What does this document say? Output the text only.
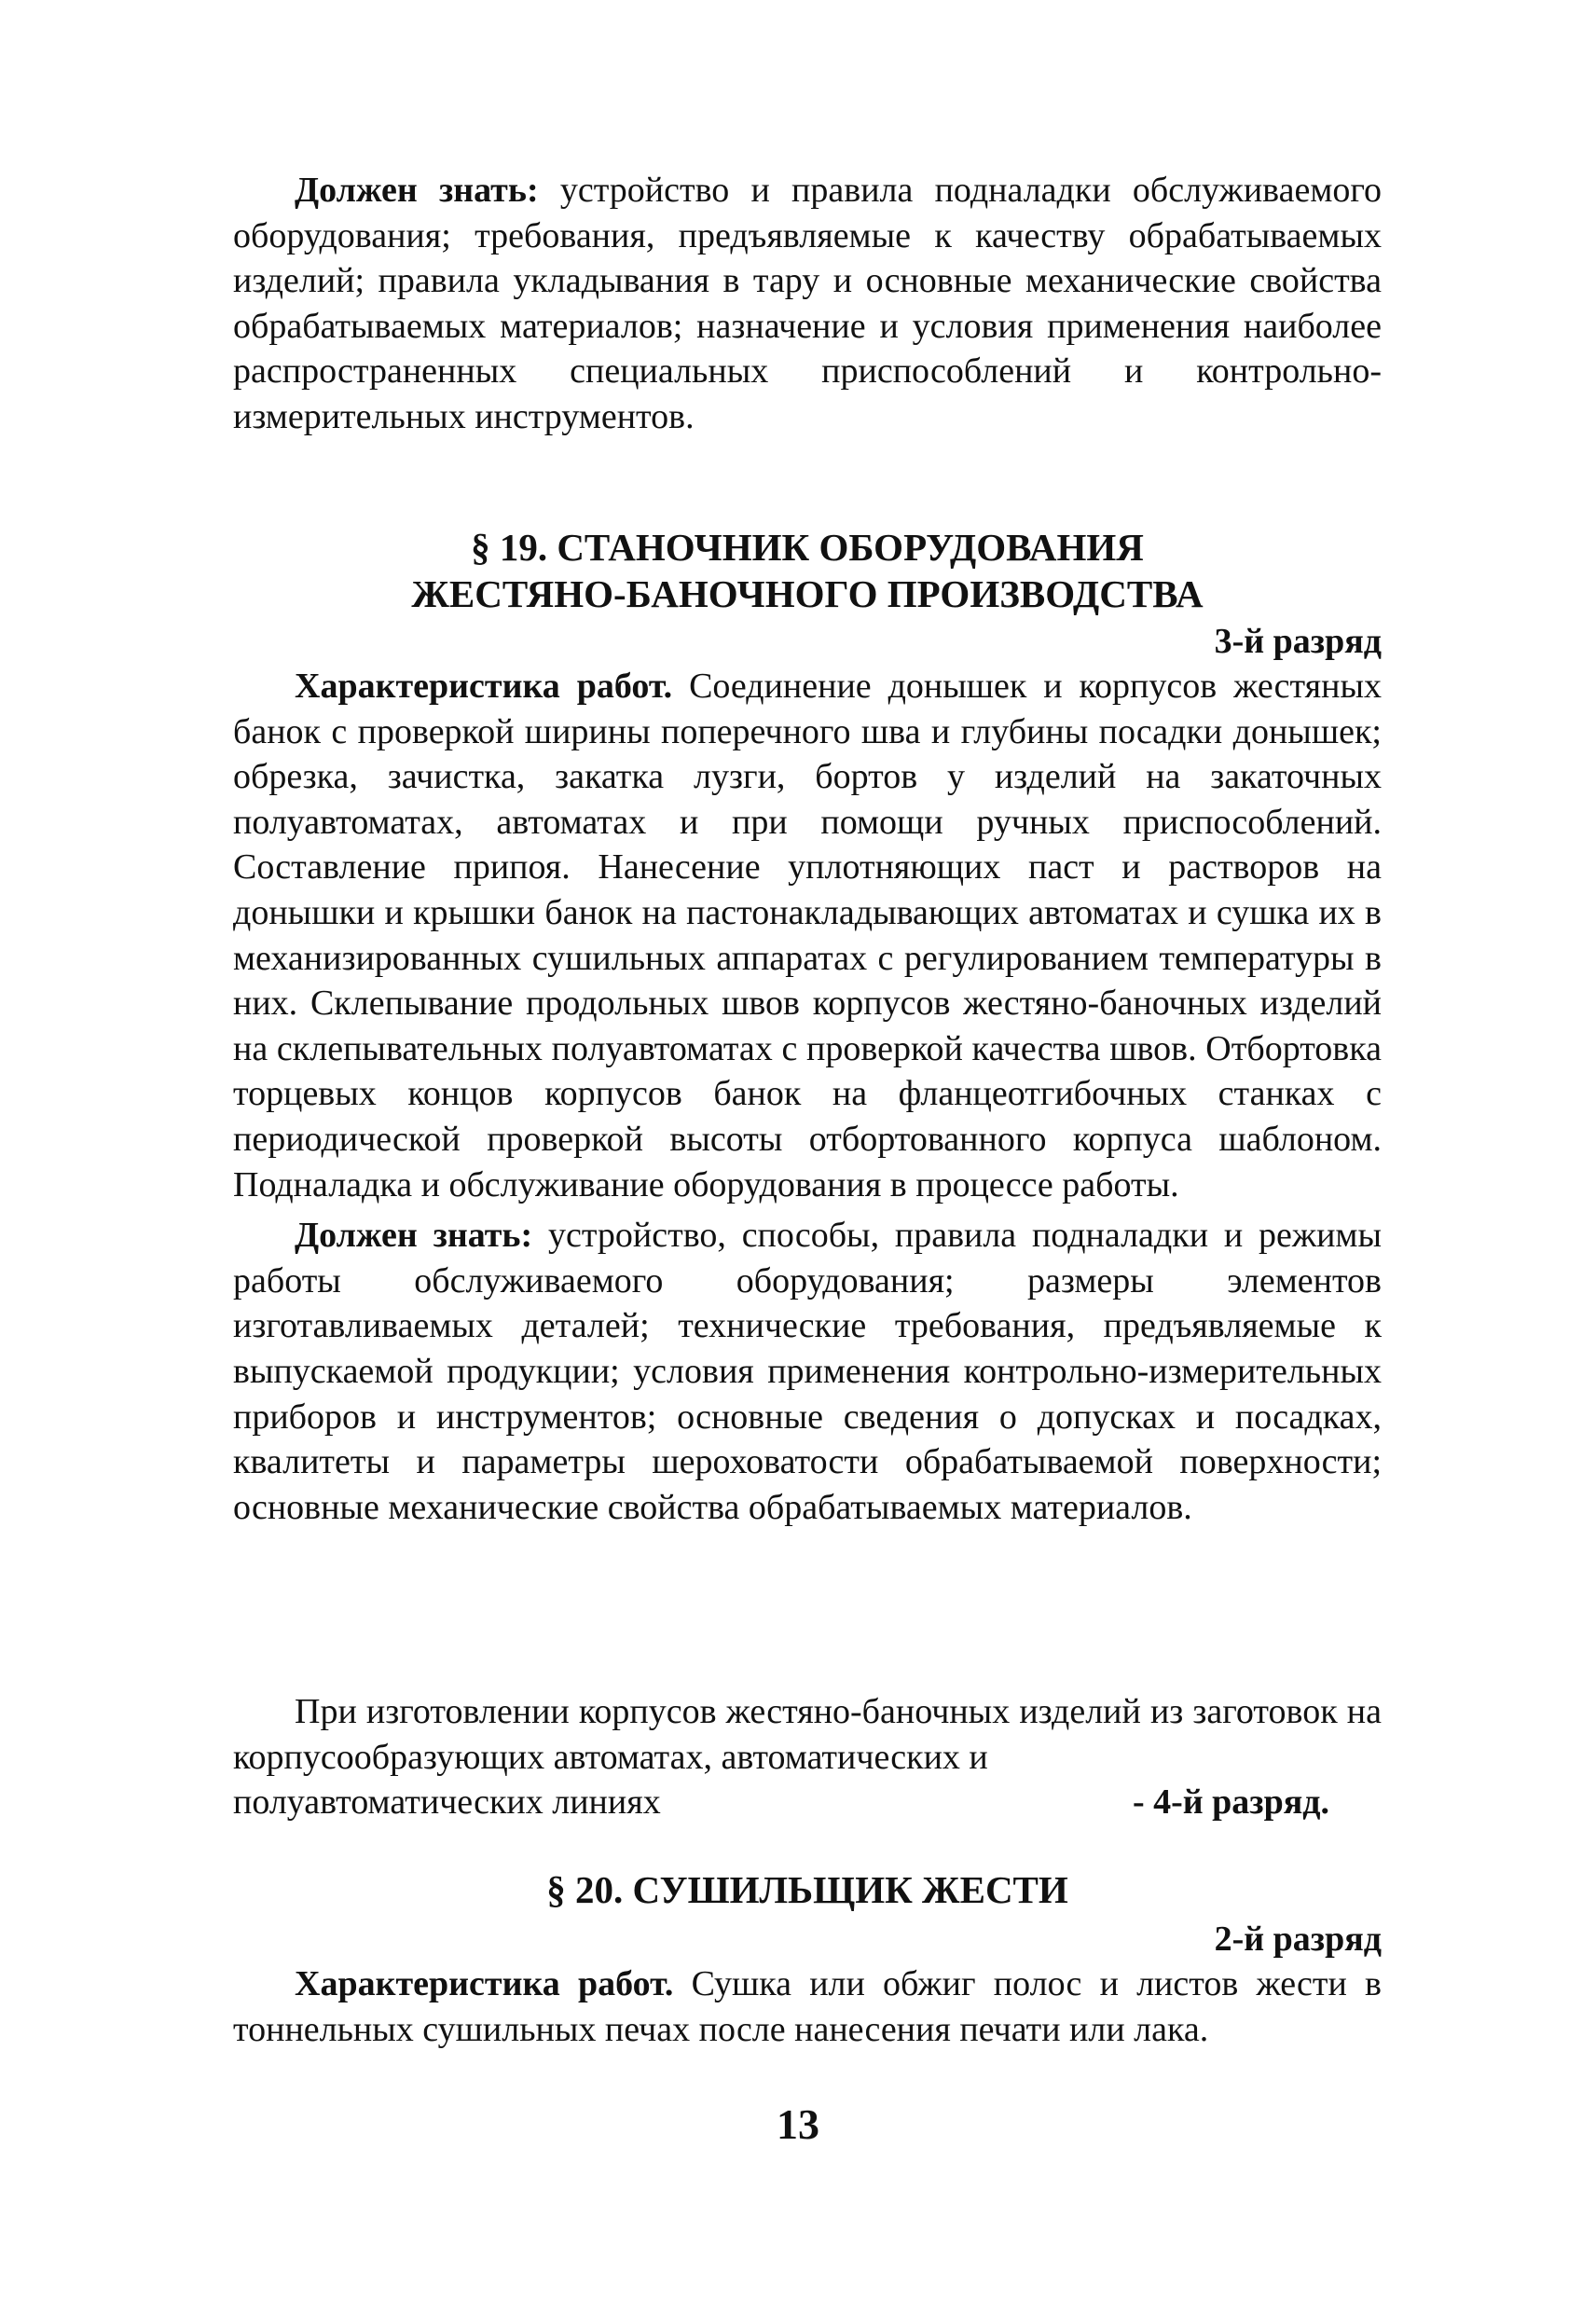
Должен знать: устройство и правила подналадки обслуживаемого оборудования; требования, предъявляемые к качеству обрабатываемых изделий; правила укладывания в тару и основные механические свойства обрабатываемых материалов; назначение и условия применения наиболее распространенных специальных приспособлений и контрольно-измерительных инструментов.

§ 19. СТАНОЧНИК ОБОРУДОВАНИЯ

ЖЕСТЯНО-БАНОЧНОГО ПРОИЗВОДСТВА

3-й разряд

Характеристика работ. Соединение донышек и корпусов жестяных банок с проверкой ширины поперечного шва и глубины посадки донышек; обрезка, зачистка, закатка лузги, бортов у изделий на закаточных полуавтоматах, автоматах и при помощи ручных приспособлений. Составление припоя. Нанесение уплотняющих паст и растворов на донышки и крышки банок на пастонакладывающих автоматах и сушка их в механизированных сушильных аппаратах с регулированием температуры в них. Склепывание продольных швов корпусов жестяно-баночных изделий на склепывательных полуавтоматах с проверкой качества швов. Отбортовка торцевых концов корпусов банок на фланцеотгибочных станках с периодической проверкой высоты отбортованного корпуса шаблоном. Подналадка и обслуживание оборудования в процессе работы.

Должен знать: устройство, способы, правила подналадки и режимы работы обслуживаемого оборудования; размеры элементов изготавливаемых деталей; технические требования, предъявляемые к выпускаемой продукции; условия применения контрольно-измерительных приборов и инструментов; основные сведения о допусках и посадках, квалитеты и параметры шероховатости обрабатываемой поверхности; основные механические свойства обрабатываемых материалов.

При изготовлении корпусов жестяно-баночных изделий из заготовок на корпусообразующих автоматах, автоматических и

полуавтоматических линиях	- 4-й разряд.

§ 20. СУШИЛЬЩИК ЖЕСТИ

2-й разряд

Характеристика работ. Сушка или обжиг полос и листов жести в тоннельных сушильных печах после нанесения печати или лака.

13
